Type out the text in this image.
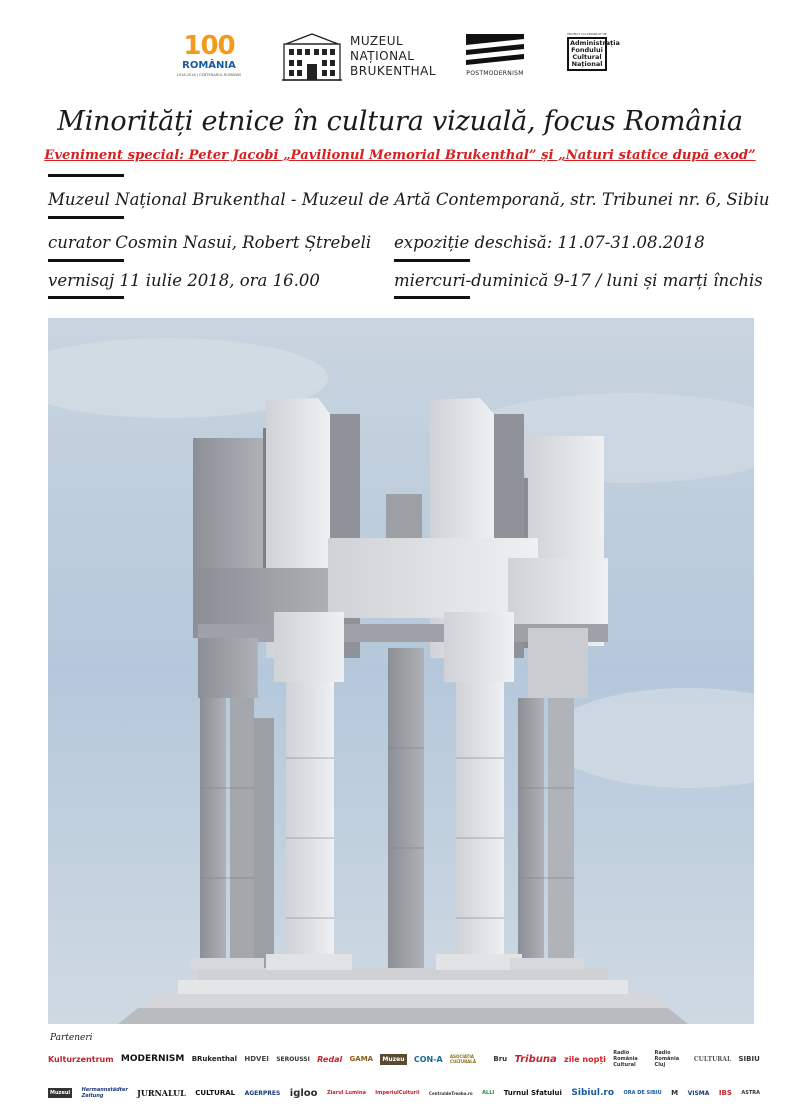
100
ROMÂNIA
1918-2018 | CENTENARUL ROMÂNIEI
MUZEUL
NAȚIONAL
BRUKENTHAL	POSTMODERNISM
PROIECT CO-FINANȚAT DE
Administrația
Fondului
Cultural
Național
Minorități etnice în cultura vizuală, focus România
Eveniment special: Peter Jacobi „Pavilionul Memorial Brukenthal” și „Naturi statice după exod”
Muzeul Național Brukenthal - Muzeul de Artă Contemporană, str. Tribunei nr. 6, Sibiu
curator Cosmin Nasui, Robert Ștrebeli expoziție deschisă: 11.07-31.08.2018
vernisaj 11 iulie 2018, ora 16.00	miercuri-duminică 9-17 / luni și marți închis
Parteneri
Kulturzentrum MODERNISM BRukenthal HDVEI SEROUSSI Redal GAMA	Muzeu CON-A ASOCIAȚIA CULTURALĂ	Bru Tribuna zile nopți
Radio România Cultural
Radio România Cluj
CULTURAL SIBIU
Muzeul	Hermannstädter Zeitung	JURNALUL CULTURAL AGERPRES igloo Ziarul Lumina ImperiulCulturii CentruldeTreaba.ro ALLI Turnul Sfatului Sibiul.ro ORA DE SIBIU M VISMA IBS ASTRA
